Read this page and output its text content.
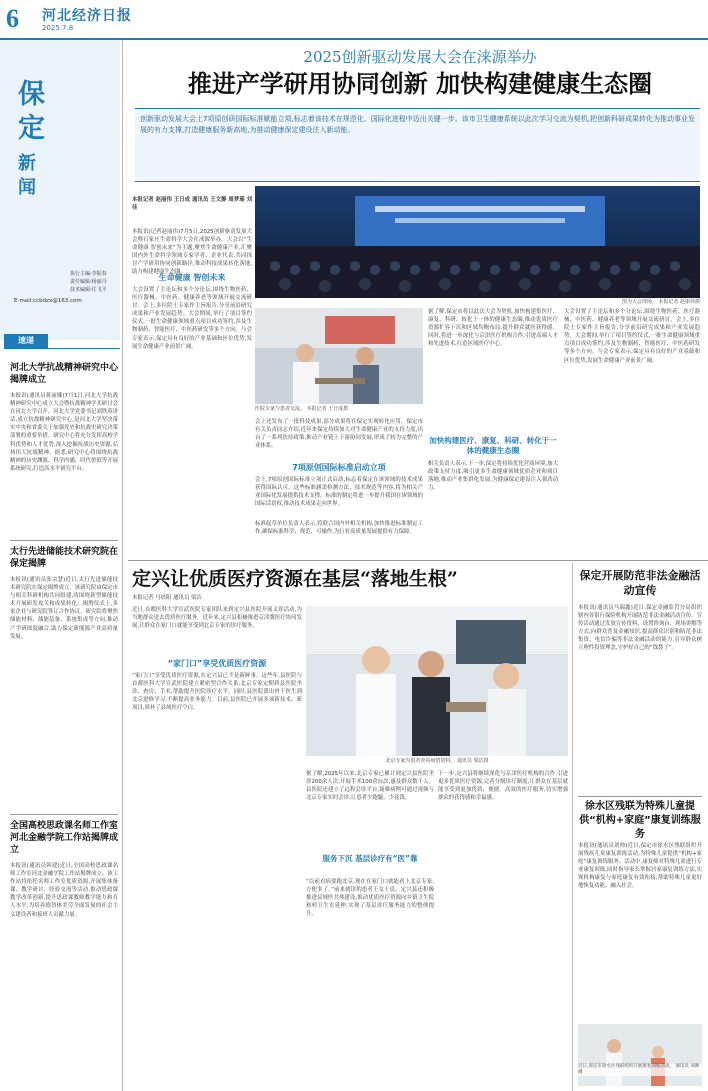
6	河北经济日报
2025.7.8
保定
新闻
执行主编:李振春
责任编辑:杨丽丹
技术编辑:任飞平
E-mail:ccbdzx@163.com
速递
河北大学抗战精神研究中心揭牌成立
本报讯(通讯员蒋丽娜)7月1日,河北大学抗战精神研究中心成立大会暨抗战精神学术研讨会在河北大学召开。河北大学党委书记刘铁英讲话,成立抗战精神研究中心,是河北大学坚决落实中央和省委关于加强党史和抗战史研究决策部署的重要举措。研究中心将充分发挥高校学科优势和人才优势,深入挖掘抗战历史资源,弘扬伟大抗战精神。据悉,研究中心将围绕抗战精神的历史渊源、科学内涵、时代价值等开展系统研究,打造高水平研究平台。
太行先进储能技术研究院在保定揭牌
本报讯(通讯员张宗慧)近日,太行先进储能技术研究院在保定揭牌成立。该研究院由保定市与相关科研机构共同组建,将围绕新型储能技术开展研发攻关和成果转化。揭牌仪式上,多家企业与研究院签订合作协议。研究院将聚焦储能材料、储能装备、系统集成等方向,推动产学研深度融合,助力保定新能源产业高质量发展。
全国高校思政课名师工作室河北金融学院工作站揭牌成立
本报讯(通讯员韩建)近日,全国高校思政课名师工作室河北金融学院工作站揭牌成立。该工作站将依托名师工作室优质资源,开展集体备课、教学研讨、经验交流等活动,推动思政课教学改革创新,提升思政课教师教学能力和育人水平,为培养德智体美劳全面发展的社会主义建设者和接班人贡献力量。
2025创新驱动发展大会在涞源举办
推进产学研用协同创新 加快构建健康生态圈
创新驱动发展大会上7项原创研国际标准赋能立项,标志着该技术在规范化、国际化进程中迈出关键一步。该市卫生健康系统以此次学习交流为契机,把创新科研成果转化为推动事业发展的有力支撑,打造健康服务新高地,为推动健康保定建设注入新动能。
本报记者 赵丽伟 王日成 通讯员 王文静 周梦瑶 刘佳
本报讯(记者赵丽伟)7月5日,2025创新驱动发展大会暨石家庄生命科学大会在涞源举办。大会以“生命健康 智创未来”为主题,聚焦生命健康产业,汇聚国内外生命科学领域专家学者、企业代表,共同探讨产学研用协同创新路径,推动科技成果转化落地,助力构建健康生态圈。
生命健康 智创未来
大会设置了主论坛和多个分论坛,围绕生物医药、医疗器械、中医药、健康养老等领域开展交流研讨。会上,多位院士专家作主旨报告,分享前沿研究成果和产业发展趋势。大会期间,举行了项目签约仪式,一批生命健康领域重点项目成功签约,涉及生物制药、智能医疗、中医药研发等多个方向。与会专家表示,保定具有良好的产业基础和区位优势,发展生命健康产业前景广阔。
图为大会现场。 本报记者 赵丽伟摄
医院专家与患者交流。 本报记者 王日成摄
会上还发布了一批科技成果,部分成果将在保定实现转化应用。保定市有关负责同志介绍,近年来保定持续加大对生命健康产业的支持力度,出台了一系列扶持政策,推动产业链上下游协同发展,形成了较为完整的产业体系。
7项原创国际标准启动立项
会上,7项原创国际标准立项正式启动,标志着保定在该领域的技术成果获得国际认可。这些标准涵盖检测方法、技术规范等内容,将为相关产业国际化发展提供技术支撑。标准的制定将进一步提升我国在该领域的国际话语权,推动技术成果走向世界。
标准起草单位负责人表示,将联合国内外相关机构,加快推进标准制定工作,确保标准科学、规范、可操作,为行业高质量发展提供有力保障。
据了解,保定市将以此次大会为契机,加快构建集医疗、康复、科研、转化于一体的健康生态圈,推动优质医疗资源扩容下沉和区域均衡布局,提升群众就医获得感。同时,将进一步深化与京津医疗机构合作,引进高端人才和先进技术,打造区域医疗中心。
加快构建医疗、康复、科研、转化于一体的健康生态圈
相关负责人表示,下一步,保定将持续优化营商环境,加大政策支持力度,吸引更多生命健康领域优质企业和项目落地,推动产业集群化发展,为健康保定建设注入强劲动力。
大会设置了主论坛和多个分论坛,围绕生物医药、医疗器械、中医药、健康养老等领域开展交流研讨。会上,多位院士专家作主旨报告,分享前沿研究成果和产业发展趋势。大会期间,举行了项目签约仪式,一批生命健康领域重点项目成功签约,涉及生物制药、智能医疗、中医药研发等多个方向。与会专家表示,保定具有良好的产业基础和区位优势,发展生命健康产业前景广阔。
定兴让优质医疗资源在基层“落地生根”
本报记者 马晨阳 通讯员 梁洁
近日,首都医科大学宣武医院专家团队来到定兴县医院开展义诊活动,为当地群众送去优质医疗服务。近年来,定兴县积极推进京津冀医疗协同发展,让群众在家门口就能享受到北京专家的诊疗服务。
“家门口”享受优质医疗资源
“家门口”享受优质医疗资源,在定兴县已不是新鲜事。这些年,县医院与首都医科大学宣武医院建立紧密型合作关系,北京专家定期到县医院坐诊、查房、手术,帮助提升医院诊疗水平。同时,县医院派出骨干医生到北京进修学习,不断提高业务能力。目前,县医院已开展多项新技术、新项目,填补了县域医疗空白。
北京专家为患者查看病情资料。 通讯员 梁洁摄
据了解,2025年以来,北京专家已累计到定兴县医院坐诊200余人次,开展手术100余台次,惠及群众数千人。县医院还建立了远程会诊平台,疑难病例可通过视频与北京专家实时会诊,让患者少跑腿、少花钱。
服务下沉 基层诊疗有“医”靠
“以前看病要跑北京,现在在家门口就能看上北京专家,方便多了。”前来就诊的患者王女士说。定兴县还积极推进县域医共体建设,推动优质医疗资源向乡镇卫生院和村卫生室延伸,实现了基层诊疗服务能力的整体提升。
下一步,定兴县将继续深化与京津医疗机构的合作,引进更多优质医疗资源,完善分级诊疗制度,让群众在基层就能享受到更加优质、便捷、高效的医疗服务,切实增强群众的获得感和幸福感。
保定开展防范非法金融活动宣传
本报讯(通讯员马瑞鑫)近日,保定金融监管分局组织辖内各银行保险机构开展防范非法金融活动宣传。宣传活动通过发放宣传资料、设置咨询台、现场讲解等方式,向群众普及金融知识,提高群众识别和防范非法集资、电信诈骗等非法金融活动的能力,引导群众树立理性投资理念,守护好自己的“钱袋子”。
徐水区残联为特殊儿童提供“机构+家庭”康复训练服务
本报讯(通讯员刘帅)近日,保定市徐水区残联组织开展残疾儿童康复训练活动,为特殊儿童提供“机构+家庭”康复训练服务。活动中,康复师对特殊儿童进行专业康复训练,同时指导家长掌握居家康复训练方法,实现机构康复与家庭康复有效衔接,帮助特殊儿童更好地恢复功能、融入社会。
近日,保定市徐水区残联组织开展康复训练活动。 通讯员 刘帅摄
